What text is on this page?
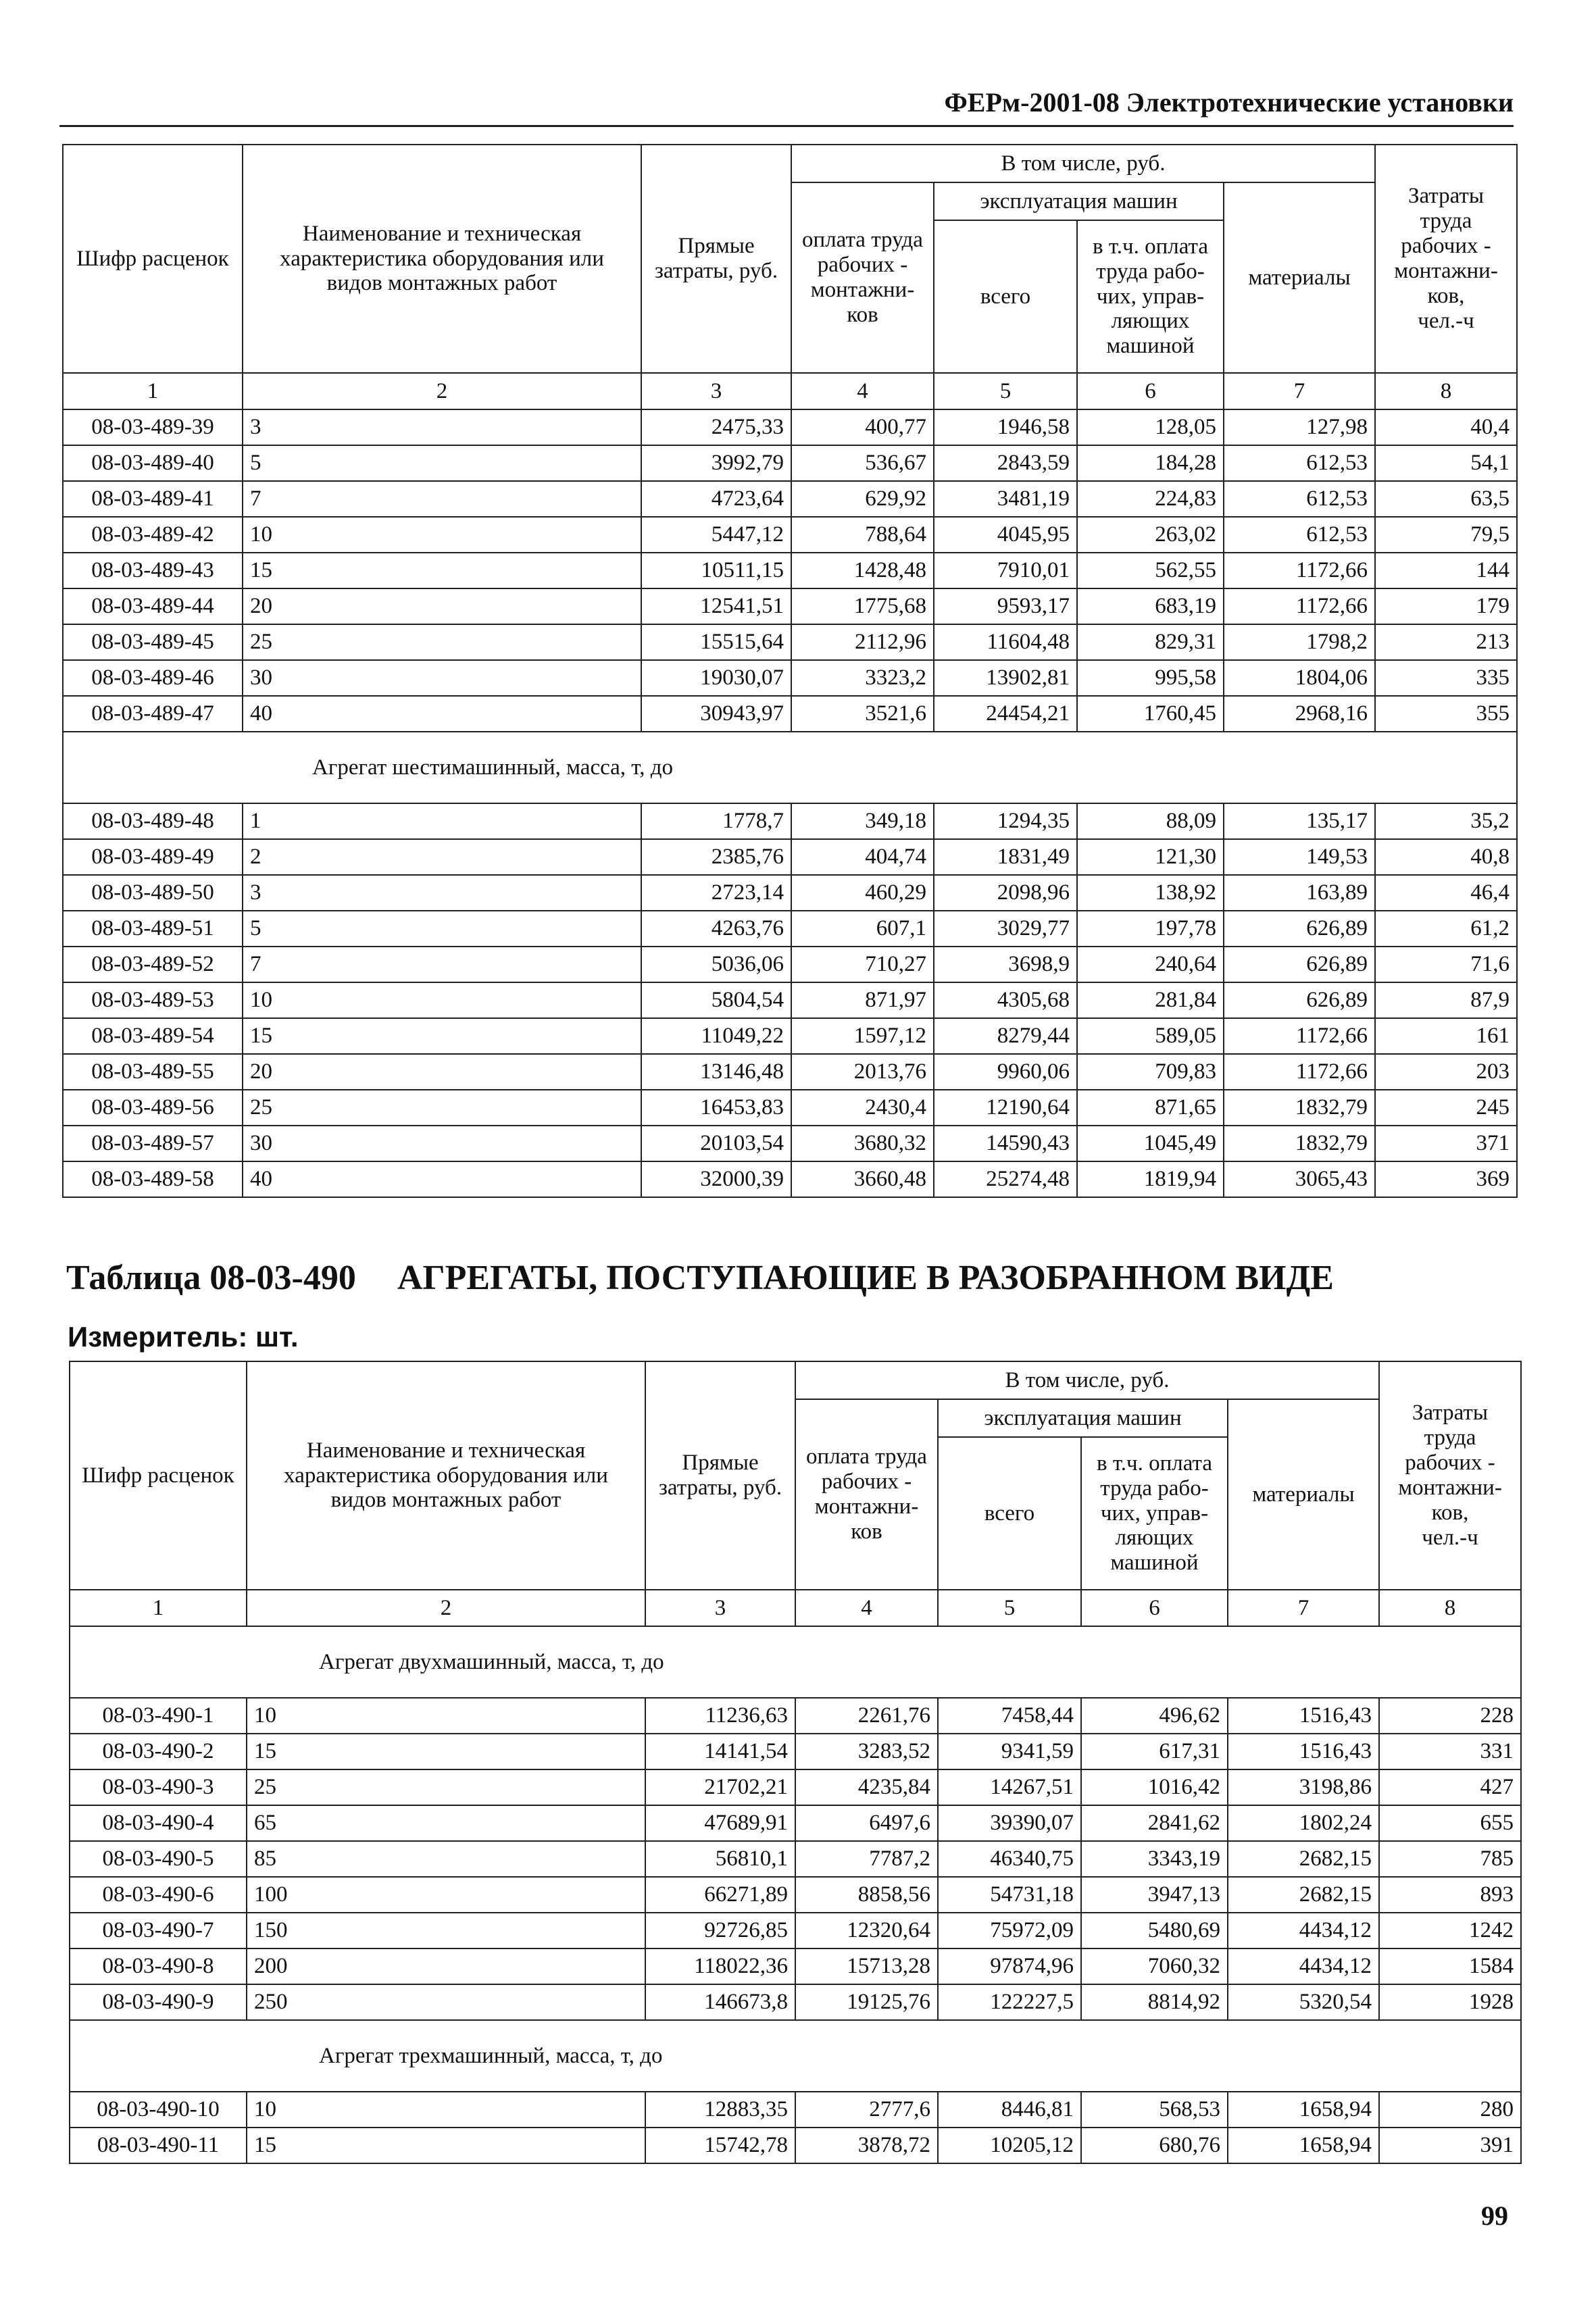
ФЕРм-2001-08 Электротехнические установки
Шифр расценок	Наименование и техническая характеристика оборудования или видов монтажных работ	Прямые затраты, руб.	В том числе, руб.				Затраты труда рабочих - монтажни- ков,
чел.-ч
			оплата труда рабочих - монтажни- ков	эксплуатация машин		материалы	
				всего	в т.ч. оплата труда рабо- чих, управ- ляющих машиной		
1	2	3	4	5	6	7	8
08-03-489-39	3	2475,33	400,77	1946,58	128,05	127,98	40,4
08-03-489-40	5	3992,79	536,67	2843,59	184,28	612,53	54,1
08-03-489-41	7	4723,64	629,92	3481,19	224,83	612,53	63,5
08-03-489-42	10	5447,12	788,64	4045,95	263,02	612,53	79,5
08-03-489-43	15	10511,15	1428,48	7910,01	562,55	1172,66	144
08-03-489-44	20	12541,51	1775,68	9593,17	683,19	1172,66	179
08-03-489-45	25	15515,64	2112,96	11604,48	829,31	1798,2	213
08-03-489-46	30	19030,07	3323,2	13902,81	995,58	1804,06	335
08-03-489-47	40	30943,97	3521,6	24454,21	1760,45	2968,16	355
Агрегат шестимашинный, масса, т, до							
08-03-489-48	1	1778,7	349,18	1294,35	88,09	135,17	35,2
08-03-489-49	2	2385,76	404,74	1831,49	121,30	149,53	40,8
08-03-489-50	3	2723,14	460,29	2098,96	138,92	163,89	46,4
08-03-489-51	5	4263,76	607,1	3029,77	197,78	626,89	61,2
08-03-489-52	7	5036,06	710,27	3698,9	240,64	626,89	71,6
08-03-489-53	10	5804,54	871,97	4305,68	281,84	626,89	87,9
08-03-489-54	15	11049,22	1597,12	8279,44	589,05	1172,66	161
08-03-489-55	20	13146,48	2013,76	9960,06	709,83	1172,66	203
08-03-489-56	25	16453,83	2430,4	12190,64	871,65	1832,79	245
08-03-489-57	30	20103,54	3680,32	14590,43	1045,49	1832,79	371
08-03-489-58	40	32000,39	3660,48	25274,48	1819,94	3065,43	369
Таблица 08-03-490 АГРЕГАТЫ, ПОСТУПАЮЩИЕ В РАЗОБРАННОМ ВИДЕ
Измеритель: шт.
Шифр расценок	Наименование и техническая характеристика оборудования или видов монтажных работ	Прямые затраты, руб.	В том числе, руб.				Затраты труда рабочих - монтажни- ков,
чел.-ч
			оплата труда рабочих - монтажни- ков	эксплуатация машин		материалы	
				всего	в т.ч. оплата труда рабо- чих, управ- ляющих машиной		
1	2	3	4	5	6	7	8
Агрегат двухмашинный, масса, т, до							
08-03-490-1	10	11236,63	2261,76	7458,44	496,62	1516,43	228
08-03-490-2	15	14141,54	3283,52	9341,59	617,31	1516,43	331
08-03-490-3	25	21702,21	4235,84	14267,51	1016,42	3198,86	427
08-03-490-4	65	47689,91	6497,6	39390,07	2841,62	1802,24	655
08-03-490-5	85	56810,1	7787,2	46340,75	3343,19	2682,15	785
08-03-490-6	100	66271,89	8858,56	54731,18	3947,13	2682,15	893
08-03-490-7	150	92726,85	12320,64	75972,09	5480,69	4434,12	1242
08-03-490-8	200	118022,36	15713,28	97874,96	7060,32	4434,12	1584
08-03-490-9	250	146673,8	19125,76	122227,5	8814,92	5320,54	1928
Агрегат трехмашинный, масса, т, до							
08-03-490-10	10	12883,35	2777,6	8446,81	568,53	1658,94	280
08-03-490-11	15	15742,78	3878,72	10205,12	680,76	1658,94	391
99
